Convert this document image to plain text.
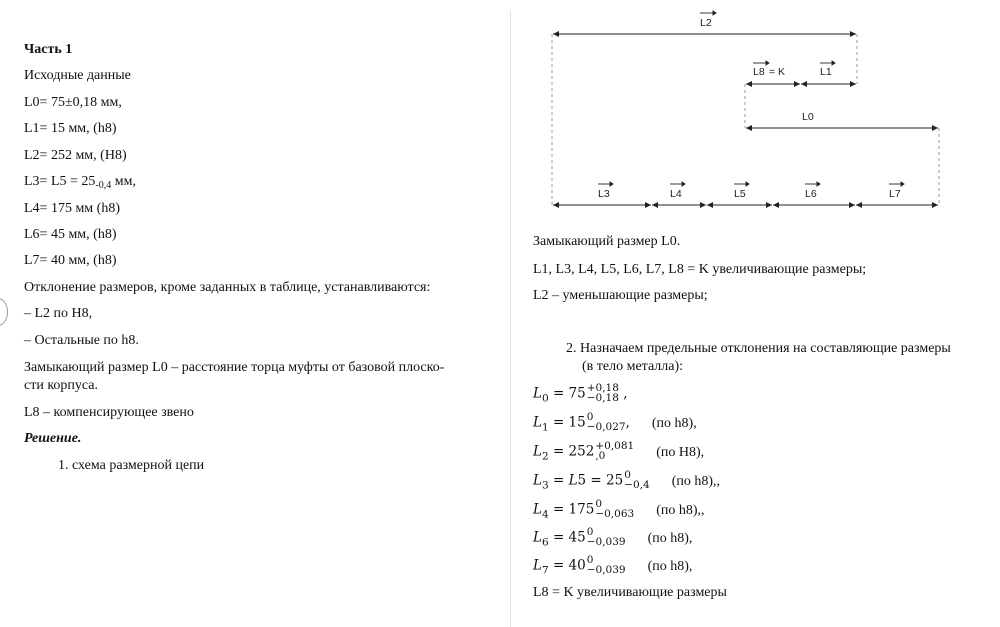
Часть 1
Исходные данные
L0= 75±0,18 мм,
L1= 15 мм, (h8)
L2= 252 мм, (H8)
$L3= L5 = 25_{-0,4}$ мм,
L4= 175 мм (h8)
L6= 45 мм, (h8)
L7= 40 мм, (h8)
Отклонение размеров, кроме заданных в таблице, устанавливаются:
– L2 по H8,
– Остальные по h8.
Замыкающий размер L0 – расстояние торца муфты от базовой плоско-
сти корпуса.
L8 – компенсирующее звено
Решение.
1. схема размерной цепи
L2
L8 = K	L1
L0
L3	L4	L5	L6	L7
Замыкающий размер L0.
L1, L3, L4, L5, L6, L7, L8 = K увеличивающие размеры;
L2 – уменьшающие размеры;
2. Назначаем предельные отклонения на составляющие размеры
(в тело металла):
$L_0 = 75 +0,18$
−0,18 ,
$L_1 = 15$ 0
−0,027 , (по h8),
$L_2 = 252 +0,081$
,0	(по H8),
$L_3 = L5 = 25$ 0
−0,4 (по h8),,
$L_4 = 175$ 0
−0,063 (по h8),,
$L_6 = 45$ 0
−0,039 (по h8),
$L_7 = 40$ 0
−0,039 (по h8),
L8 = K увеличивающие размеры
